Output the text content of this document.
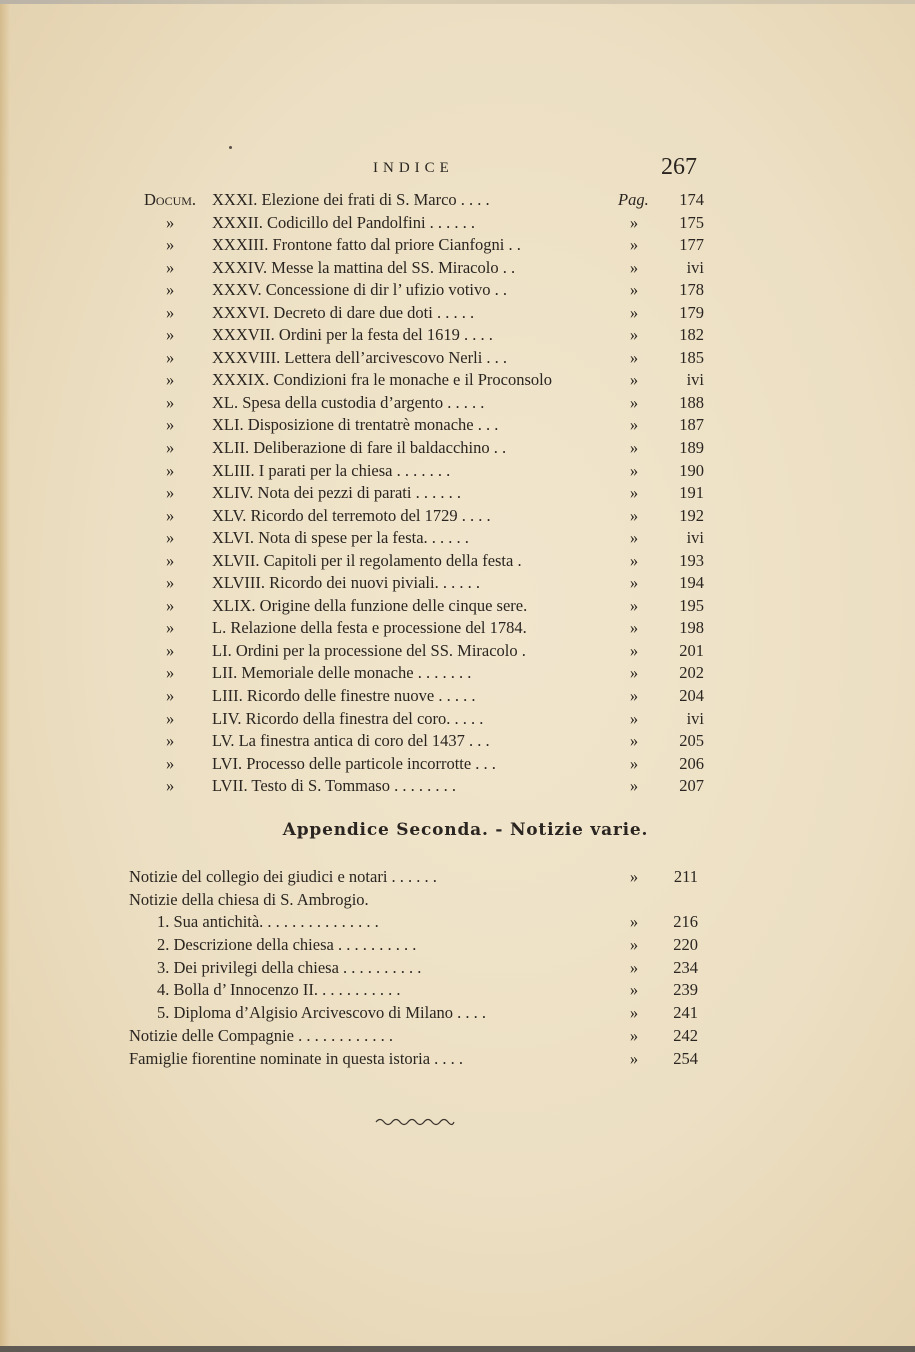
INDICE	267
Docum. XXXI. Elezione dei frati di S. Marco . . . .	Pag.	174
»	XXXII. Codicillo del Pandolfini . . . . . .	»	175
»	XXXIII. Frontone fatto dal priore Cianfogni . .	»	177
»	XXXIV. Messe la mattina del SS. Miracolo . .	»	ivi
»	XXXV. Concessione di dir l’ ufizio votivo . .	»	178
»	XXXVI. Decreto di dare due doti . . . . .	»	179
»	XXXVII. Ordini per la festa del 1619 . . . .	»	182
»	XXXVIII. Lettera dell’arcivescovo Nerli . . .	»	185
»	XXXIX. Condizioni fra le monache e il Proconsolo	»	ivi
»	XL. Spesa della custodia d’argento . . . . .	»	188
»	XLI. Disposizione di trentatrè monache . . .	»	187
»	XLII. Deliberazione di fare il baldacchino . .	»	189
»	XLIII. I parati per la chiesa . . . . . . .	»	190
»	XLIV. Nota dei pezzi di parati . . . . . .	»	191
»	XLV. Ricordo del terremoto del 1729 . . . .	»	192
»	XLVI. Nota di spese per la festa. . . . . .	»	ivi
»	XLVII. Capitoli per il regolamento della festa .	»	193
»	XLVIII. Ricordo dei nuovi piviali. . . . . .	»	194
»	XLIX. Origine della funzione delle cinque sere.	»	195
»	L. Relazione della festa e processione del 1784.	»	198
»	LI. Ordini per la processione del SS. Miracolo .	»	201
»	LII. Memoriale delle monache . . . . . . .	»	202
»	LIII. Ricordo delle finestre nuove . . . . .	»	204
»	LIV. Ricordo della finestra del coro. . . . .	»	ivi
»	LV. La finestra antica di coro del 1437 . . .	»	205
»	LVI. Processo delle particole incorrotte . . .	»	206
»	LVII. Testo di S. Tommaso . . . . . . . .	»	207
Appendice Seconda. - Notizie varie.
Notizie del collegio dei giudici e notari . . . . . .	»	211
Notizie della chiesa di S. Ambrogio.
1. Sua antichità. . . . . . . . . . . . . . .	»	216
2. Descrizione della chiesa . . . . . . . . . .	»	220
3. Dei privilegi della chiesa . . . . . . . . . .	»	234
4. Bolla d’ Innocenzo II. . . . . . . . . . .	»	239
5. Diploma d’Algisio Arcivescovo di Milano . . . .	»	241
Notizie delle Compagnie . . . . . . . . . . . .	»	242
Famiglie fiorentine nominate in questa istoria . . . .	»	254
